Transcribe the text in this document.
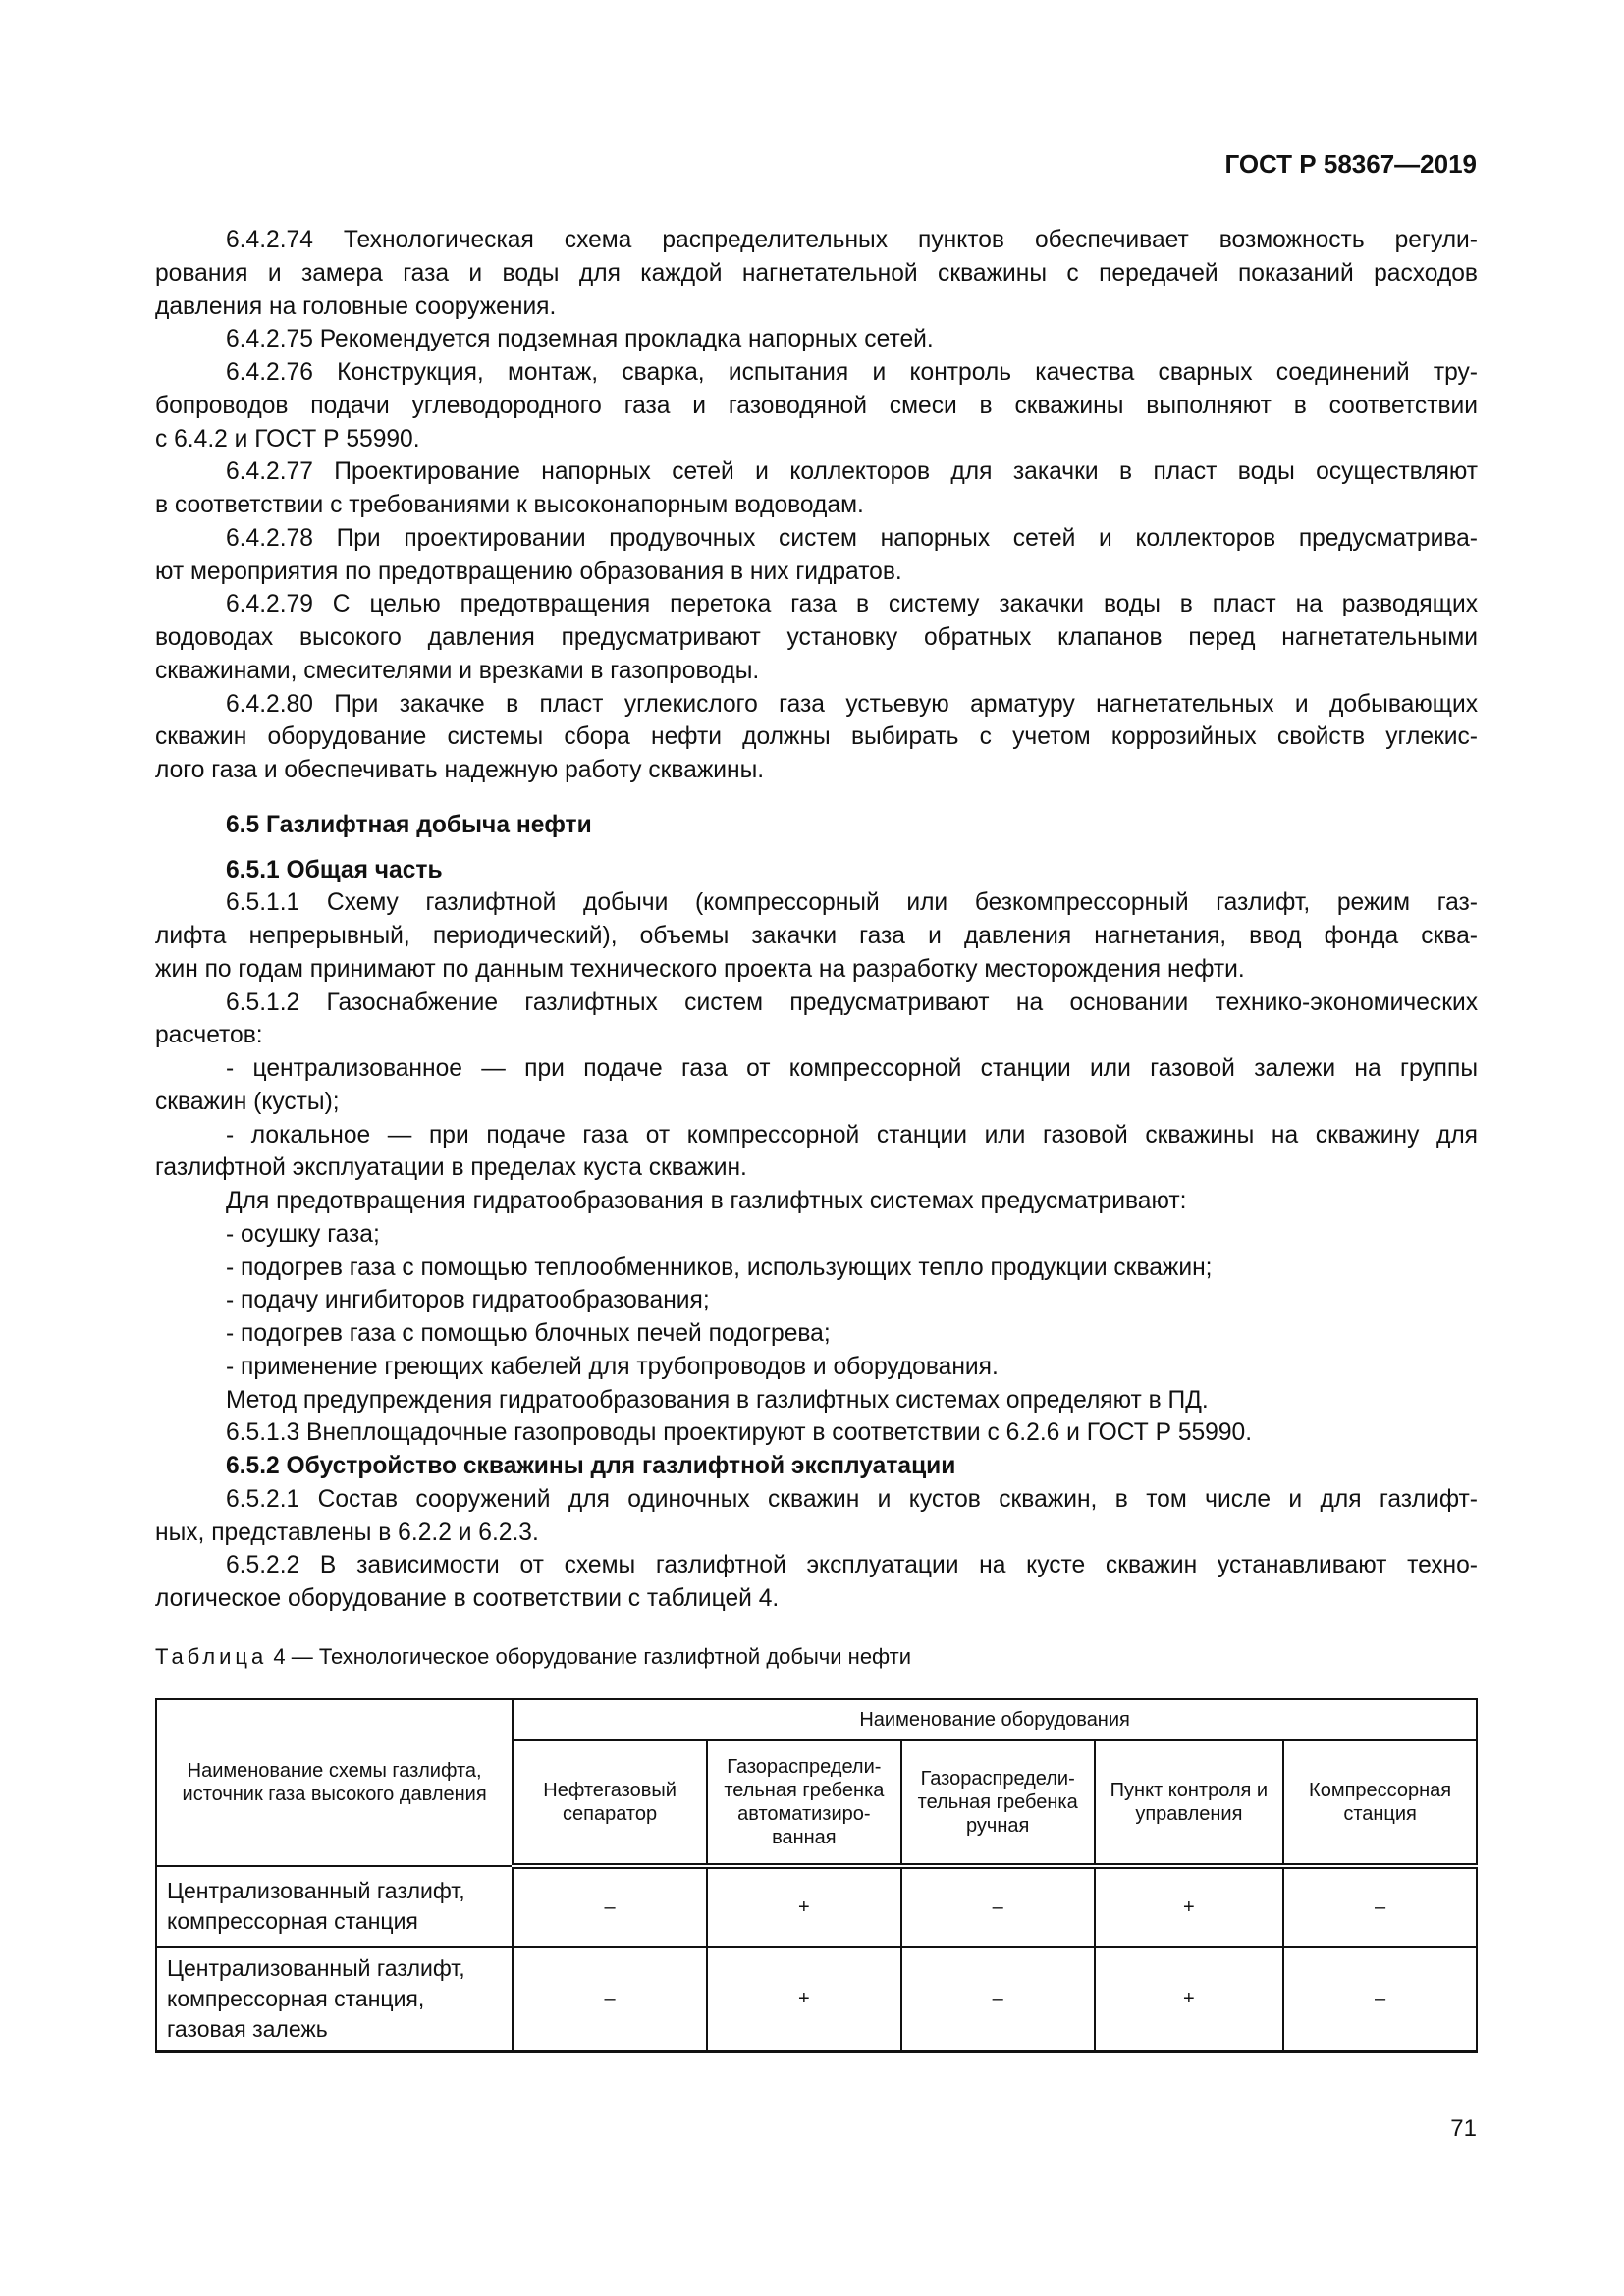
ГОСТ Р 58367—2019
6.4.2.74 Технологическая схема распределительных пунктов обеспечивает возможность регули-
рования и замера газа и воды для каждой нагнетательной скважины с передачей показаний расходов
давления на головные сооружения.
6.4.2.75 Рекомендуется подземная прокладка напорных сетей.
6.4.2.76 Конструкция, монтаж, сварка, испытания и контроль качества сварных соединений тру-
бопроводов подачи углеводородного газа и газоводяной смеси в скважины выполняют в соответствии
с 6.4.2 и ГОСТ Р 55990.
6.4.2.77 Проектирование напорных сетей и коллекторов для закачки в пласт воды осуществляют
в соответствии с требованиями к высоконапорным водоводам.
6.4.2.78 При проектировании продувочных систем напорных сетей и коллекторов предусматрива-
ют мероприятия по предотвращению образования в них гидратов.
6.4.2.79 С целью предотвращения перетока газа в систему закачки воды в пласт на разводящих
водоводах высокого давления предусматривают установку обратных клапанов перед нагнетательными
скважинами, смесителями и врезками в газопроводы.
6.4.2.80 При закачке в пласт углекислого газа устьевую арматуру нагнетательных и добывающих
скважин оборудование системы сбора нефти должны выбирать с учетом коррозийных свойств углекис-
лого газа и обеспечивать надежную работу скважины.
6.5 Газлифтная добыча нефти
6.5.1 Общая часть
6.5.1.1 Схему газлифтной добычи (компрессорный или безкомпрессорный газлифт, режим газ-
лифта непрерывный, периодический), объемы закачки газа и давления нагнетания, ввод фонда сква-
жин по годам принимают по данным технического проекта на разработку месторождения нефти.
6.5.1.2 Газоснабжение газлифтных систем предусматривают на основании технико-экономических
расчетов:
- централизованное — при подаче газа от компрессорной станции или газовой залежи на группы
скважин (кусты);
- локальное — при подаче газа от компрессорной станции или газовой скважины на скважину для
газлифтной эксплуатации в пределах куста скважин.
Для предотвращения гидратообразования в газлифтных системах предусматривают:
- осушку газа;
- подогрев газа с помощью теплообменников, использующих тепло продукции скважин;
- подачу ингибиторов гидратообразования;
- подогрев газа с помощью блочных печей подогрева;
- применение греющих кабелей для трубопроводов и оборудования.
Метод предупреждения гидратообразования в газлифтных системах определяют в ПД.
6.5.1.3 Внеплощадочные газопроводы проектируют в соответствии с 6.2.6 и ГОСТ Р 55990.
6.5.2 Обустройство скважины для газлифтной эксплуатации
6.5.2.1 Состав сооружений для одиночных скважин и кустов скважин, в том числе и для газлифт-
ных, представлены в 6.2.2 и 6.2.3.
6.5.2.2 В зависимости от схемы газлифтной эксплуатации на кусте скважин устанавливают техно-
логическое оборудование в соответствии с таблицей 4.
Таблица 4 — Технологическое оборудование газлифтной добычи нефти
Наименование схемы газлифта, источник газа высокого давления	Наименование оборудования				
	Нефтегазовый сепаратор	Газораспредели-тельная гребенка автоматизиро-ванная	Газораспредели-тельная гребенка ручная	Пункт контроля и управления	Компрессорная станция
Централизованный газлифт, компрессорная станция	–	+	–	+	–
Централизованный газлифт, компрессорная станция, газовая залежь	–	+	–	+	–
71
